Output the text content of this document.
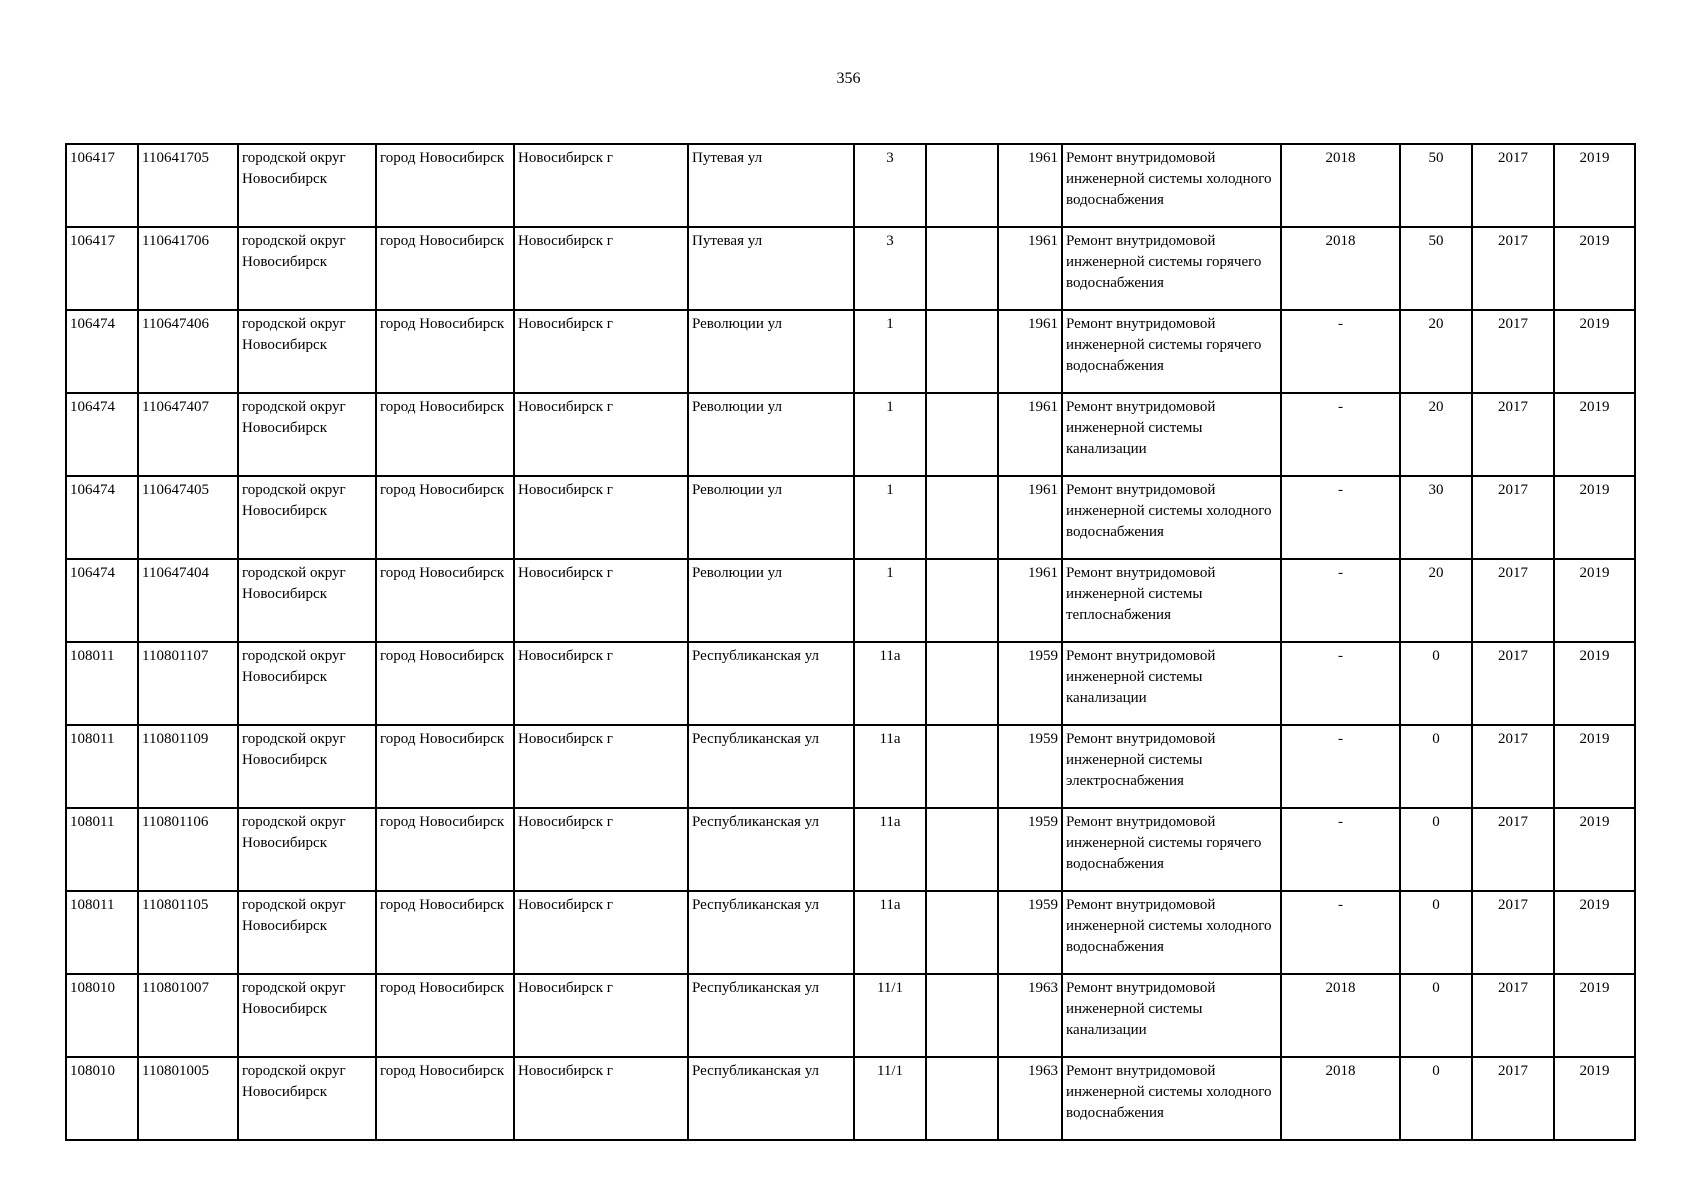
356
106417	110641705	городской округ Новосибирск	город Новосибирск	Новосибирск г	Путевая ул	3		1961	Ремонт внутридомовой инженерной системы холодного водоснабжения	2018	50	2017	2019
106417	110641706	городской округ Новосибирск	город Новосибирск	Новосибирск г	Путевая ул	3		1961	Ремонт внутридомовой инженерной системы горячего водоснабжения	2018	50	2017	2019
106474	110647406	городской округ Новосибирск	город Новосибирск	Новосибирск г	Революции ул	1		1961	Ремонт внутридомовой инженерной системы горячего водоснабжения	-	20	2017	2019
106474	110647407	городской округ Новосибирск	город Новосибирск	Новосибирск г	Революции ул	1		1961	Ремонт внутридомовой инженерной системы канализации	-	20	2017	2019
106474	110647405	городской округ Новосибирск	город Новосибирск	Новосибирск г	Революции ул	1		1961	Ремонт внутридомовой инженерной системы холодного водоснабжения	-	30	2017	2019
106474	110647404	городской округ Новосибирск	город Новосибирск	Новосибирск г	Революции ул	1		1961	Ремонт внутридомовой инженерной системы теплоснабжения	-	20	2017	2019
108011	110801107	городской округ Новосибирск	город Новосибирск	Новосибирск г	Республиканская ул	11а		1959	Ремонт внутридомовой инженерной системы канализации	-	0	2017	2019
108011	110801109	городской округ Новосибирск	город Новосибирск	Новосибирск г	Республиканская ул	11а		1959	Ремонт внутридомовой инженерной системы электроснабжения	-	0	2017	2019
108011	110801106	городской округ Новосибирск	город Новосибирск	Новосибирск г	Республиканская ул	11а		1959	Ремонт внутридомовой инженерной системы горячего водоснабжения	-	0	2017	2019
108011	110801105	городской округ Новосибирск	город Новосибирск	Новосибирск г	Республиканская ул	11а		1959	Ремонт внутридомовой инженерной системы холодного водоснабжения	-	0	2017	2019
108010	110801007	городской округ Новосибирск	город Новосибирск	Новосибирск г	Республиканская ул	11/1		1963	Ремонт внутридомовой инженерной системы канализации	2018	0	2017	2019
108010	110801005	городской округ Новосибирск	город Новосибирск	Новосибирск г	Республиканская ул	11/1		1963	Ремонт внутридомовой инженерной системы холодного водоснабжения	2018	0	2017	2019
